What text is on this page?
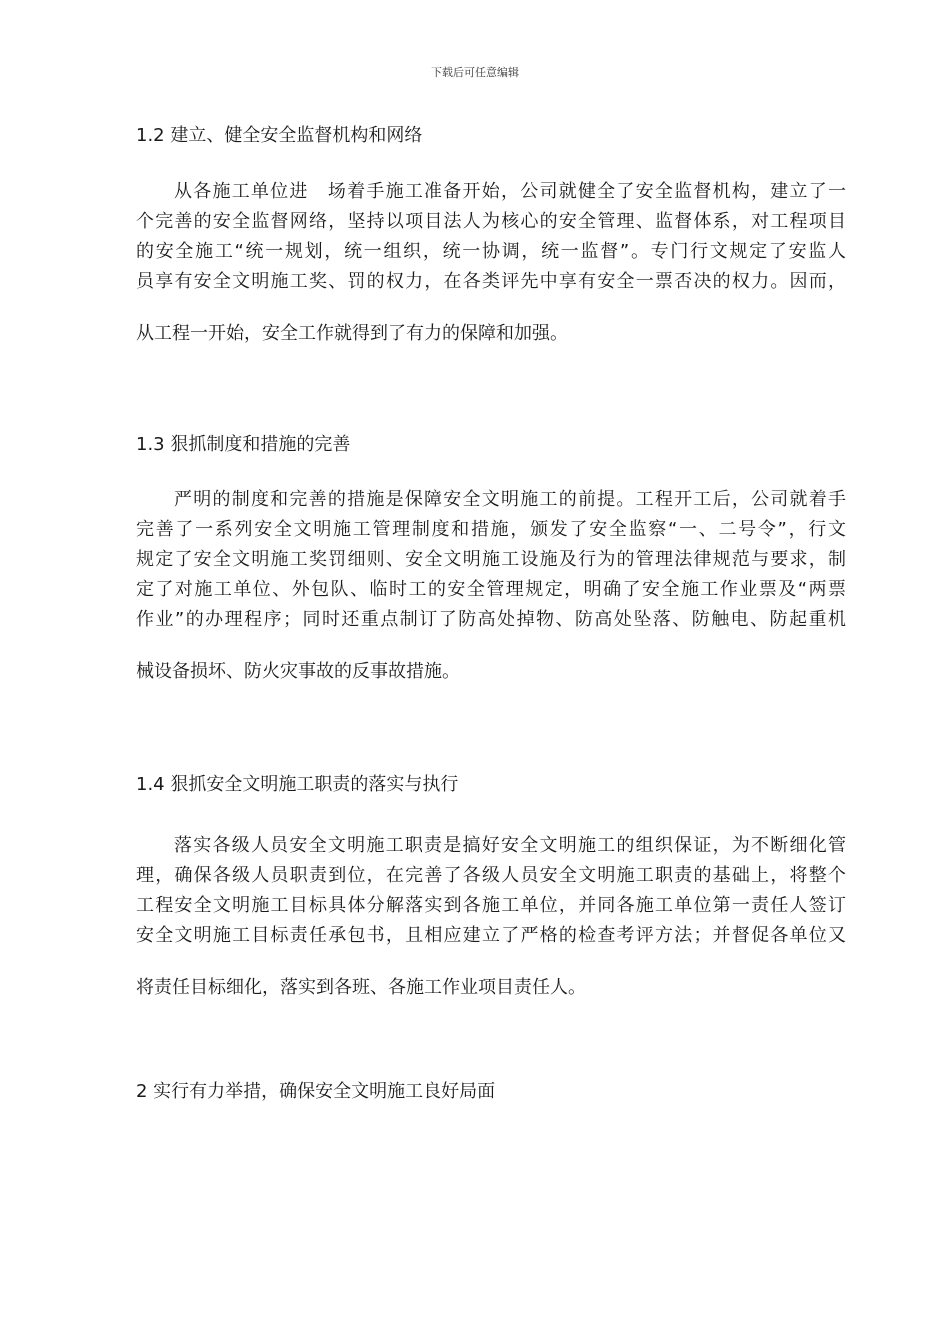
下载后可任意编辑
1.2 建立、健全安全监督机构和网络
从各施工单位进　场着手施工准备开始，公司就健全了安全监督机构，建立了一
个完善的安全监督网络，坚持以项目法人为核心的安全管理、监督体系，对工程项目
的安全施工“统一规划，统一组织，统一协调，统一监督”。专门行文规定了安监人
员享有安全文明施工奖、罚的权力，在各类评先中享有安全一票否决的权力。因而，
从工程一开始，安全工作就得到了有力的保障和加强。
1.3 狠抓制度和措施的完善
严明的制度和完善的措施是保障安全文明施工的前提。工程开工后，公司就着手
完善了一系列安全文明施工管理制度和措施，颁发了安全监察“一、二号令”，行文
规定了安全文明施工奖罚细则、安全文明施工设施及行为的管理法律规范与要求，制
定了对施工单位、外包队、临时工的安全管理规定，明确了安全施工作业票及“两票
作业”的办理程序；同时还重点制订了防高处掉物、防高处坠落、防触电、防起重机
械设备损坏、防火灾事故的反事故措施。
1.4 狠抓安全文明施工职责的落实与执行
落实各级人员安全文明施工职责是搞好安全文明施工的组织保证，为不断细化管
理，确保各级人员职责到位，在完善了各级人员安全文明施工职责的基础上，将整个
工程安全文明施工目标具体分解落实到各施工单位，并同各施工单位第一责任人签订
安全文明施工目标责任承包书，且相应建立了严格的检查考评方法；并督促各单位又
将责任目标细化，落实到各班、各施工作业项目责任人。
2 实行有力举措，确保安全文明施工良好局面
